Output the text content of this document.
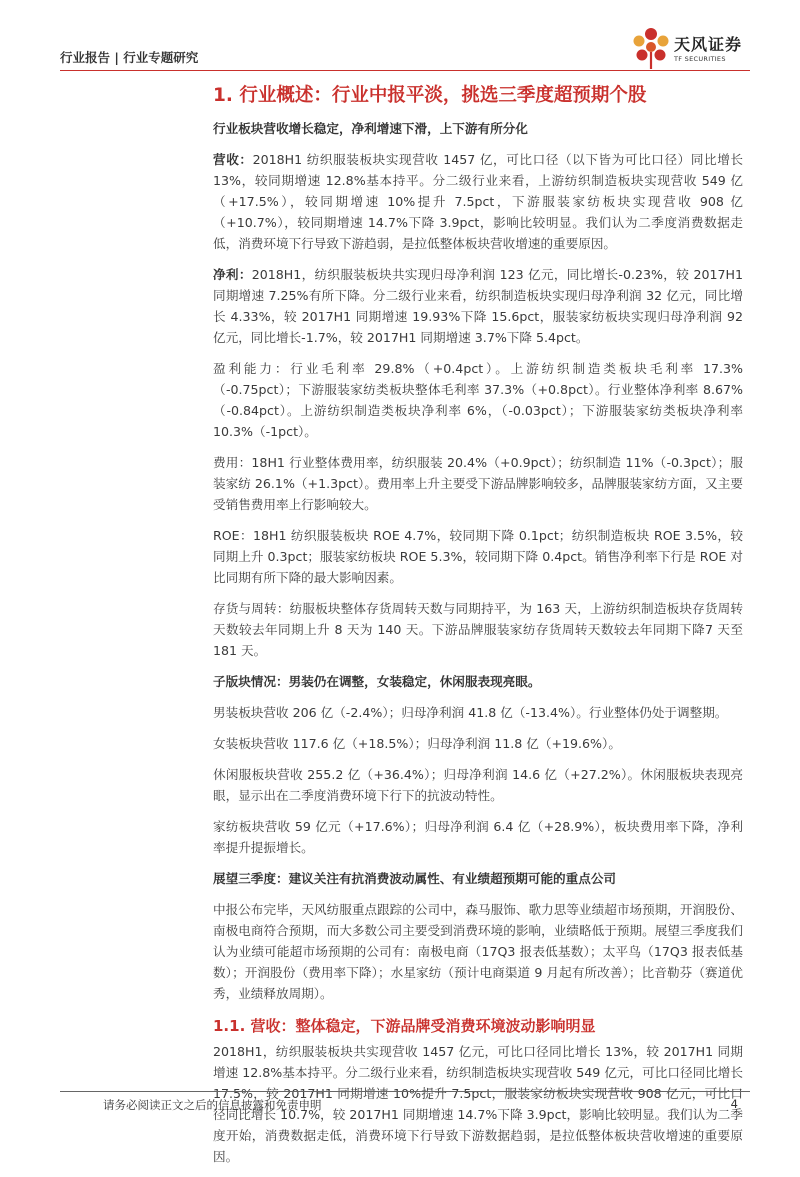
行业报告 | 行业专题研究
天风证券
TF SECURITIES
1. 行业概述：行业中报平淡，挑选三季度超预期个股

行业板块营收增长稳定，净利增速下滑，上下游有所分化

营收：2018H1 纺织服装板块实现营收 1457 亿，可比口径（以下皆为可比口径）同比增长13%，较同期增速 12.8%基本持平。分二级行业来看，上游纺织制造板块实现营收 549 亿（+17.5%），较同期增速 10%提升 7.5pct，下游服装家纺板块实现营收 908 亿（+10.7%），较同期增速 14.7%下降 3.9pct，影响比较明显。我们认为二季度消费数据走低，消费环境下行导致下游趋弱，是拉低整体板块营收增速的重要原因。

净利：2018H1，纺织服装板块共实现归母净利润 123 亿元，同比增长-0.23%，较 2017H1同期增速 7.25%有所下降。分二级行业来看，纺织制造板块实现归母净利润 32 亿元，同比增长 4.33%，较 2017H1 同期增速 19.93%下降 15.6pct，服装家纺板块实现归母净利润 92 亿元，同比增长-1.7%，较 2017H1 同期增速 3.7%下降 5.4pct。

盈利能力：行业毛利率 29.8%（+0.4pct）。上游纺织制造类板块毛利率 17.3%（-0.75pct）；下游服装家纺类板块整体毛利率 37.3%（+0.8pct）。行业整体净利率 8.67%（-0.84pct）。上游纺织制造类板块净利率 6%，（-0.03pct）；下游服装家纺类板块净利率 10.3%（-1pct）。

费用：18H1 行业整体费用率，纺织服装 20.4%（+0.9pct）；纺织制造 11%（-0.3pct）；服装家纺 26.1%（+1.3pct）。费用率上升主要受下游品牌影响较多，品牌服装家纺方面，又主要受销售费用率上行影响较大。

ROE：18H1 纺织服装板块 ROE 4.7%，较同期下降 0.1pct；纺织制造板块 ROE 3.5%，较同期上升 0.3pct；服装家纺板块 ROE 5.3%，较同期下降 0.4pct。销售净利率下行是 ROE 对比同期有所下降的最大影响因素。

存货与周转：纺服板块整体存货周转天数与同期持平，为 163 天，上游纺织制造板块存货周转天数较去年同期上升 8 天为 140 天。下游品牌服装家纺存货周转天数较去年同期下降7 天至 181 天。

子版块情况：男装仍在调整，女装稳定，休闲服表现亮眼。

男装板块营收 206 亿（-2.4%）；归母净利润 41.8 亿（-13.4%）。行业整体仍处于调整期。

女装板块营收 117.6 亿（+18.5%）；归母净利润 11.8 亿（+19.6%）。

休闲服板块营收 255.2 亿（+36.4%）；归母净利润 14.6 亿（+27.2%）。休闲服板块表现亮眼，显示出在二季度消费环境下行下的抗波动特性。

家纺板块营收 59 亿元（+17.6%）；归母净利润 6.4 亿（+28.9%），板块费用率下降，净利率提升提振增长。

展望三季度：建议关注有抗消费波动属性、有业绩超预期可能的重点公司

中报公布完毕，天风纺服重点跟踪的公司中，森马服饰、歌力思等业绩超市场预期，开润股份、南极电商符合预期，而大多数公司主要受到消费环境的影响，业绩略低于预期。展望三季度我们认为业绩可能超市场预期的公司有：南极电商（17Q3 报表低基数）；太平鸟（17Q3 报表低基数）；开润股份（费用率下降）；水星家纺（预计电商渠道 9 月起有所改善）；比音勒芬（赛道优秀，业绩释放周期）。

1.1. 营收：整体稳定，下游品牌受消费环境波动影响明显

2018H1，纺织服装板块共实现营收 1457 亿元，可比口径同比增长 13%，较 2017H1 同期增速 12.8%基本持平。分二级行业来看，纺织制造板块实现营收 549 亿元，可比口径同比增长 17.5%，较 2017H1 同期增速 10%提升 7.5pct，服装家纺板块实现营收 908 亿元，可比口径同比增长 10.7%，较 2017H1 同期增速 14.7%下降 3.9pct，影响比较明显。我们认为二季度开始，消费数据走低，消费环境下行导致下游数据趋弱，是拉低整体板块营收增速的重要原因。

请务必阅读正文之后的信息披露和免责申明	4
